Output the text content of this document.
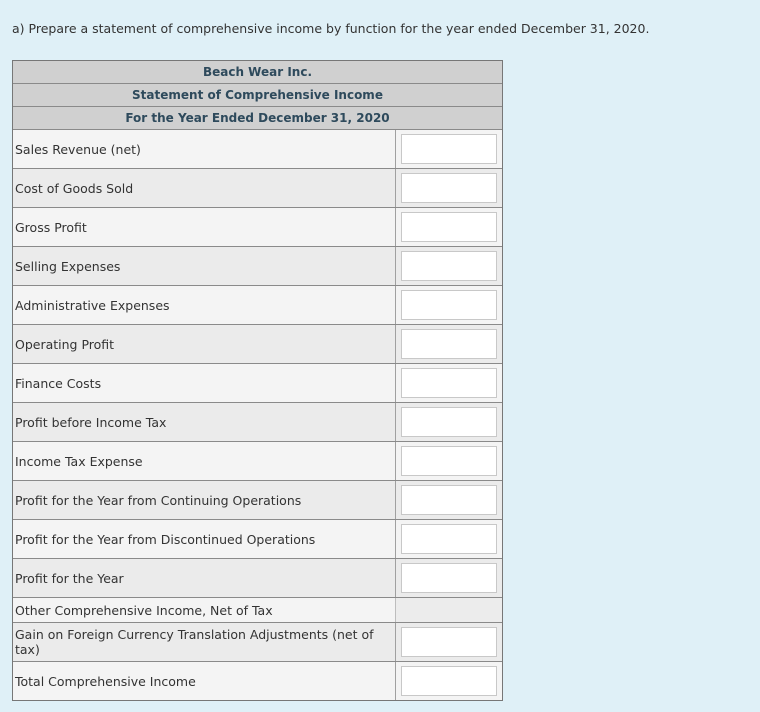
a) Prepare a statement of comprehensive income by function for the year ended December 31, 2020.
Beach Wear Inc.
Statement of Comprehensive Income
For the Year Ended December 31, 2020
Sales Revenue (net)
Cost of Goods Sold
Gross Profit
Selling Expenses
Administrative Expenses
Operating Profit
Finance Costs
Profit before Income Tax
Income Tax Expense
Profit for the Year from Continuing Operations
Profit for the Year from Discontinued Operations
Profit for the Year
Other Comprehensive Income, Net of Tax
Gain on Foreign Currency Translation Adjustments (net of tax)
Total Comprehensive Income
